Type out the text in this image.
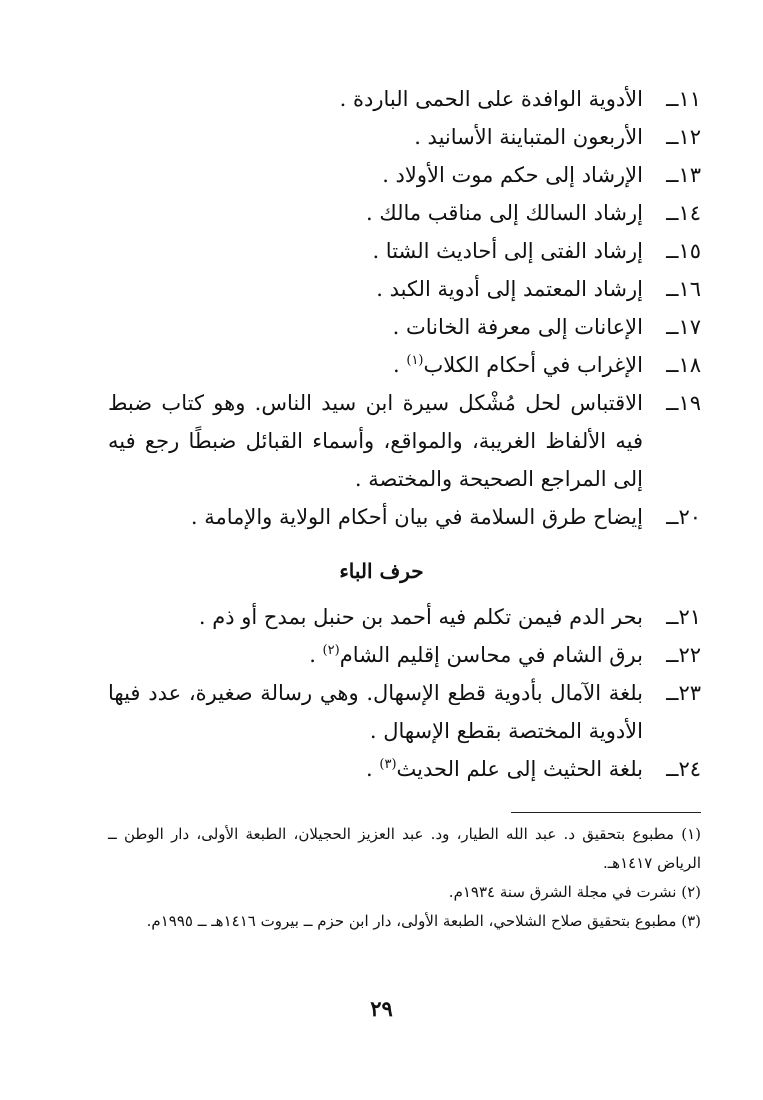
١١ــ
الأدوية الوافدة على الحمى الباردة .
١٢ــ
الأربعون المتباينة الأسانيد .
١٣ــ
الإرشاد إلى حكم موت الأولاد .
١٤ــ
إرشاد السالك إلى مناقب مالك .
١٥ــ
إرشاد الفتى إلى أحاديث الشتا .
١٦ــ
إرشاد المعتمد إلى أدوية الكبد .
١٧ــ
الإعانات إلى معرفة الخانات .
١٨ــ
الإغراب في أحكام الكلاب$^{(١)}$ .
١٩ــ
الاقتباس لحل مُشْكل سيرة ابن سيد الناس. وهو كتاب ضبط فيه الألفاظ الغريبة، والمواقع، وأسماء القبائل ضبطًا رجع فيه إلى المراجع الصحيحة والمختصة .
٢٠ــ
إيضاح طرق السلامة في بيان أحكام الولاية والإمامة .
حرف الباء
٢١ــ
بحر الدم فيمن تكلم فيه أحمد بن حنبل بمدح أو ذم .
٢٢ــ
برق الشام في محاسن إقليم الشام$^{(٢)}$ .
٢٣ــ
بلغة الآمال بأدوية قطع الإسهال. وهي رسالة صغيرة، عدد فيها الأدوية المختصة بقطع الإسهال .
٢٤ــ
بلغة الحثيث إلى علم الحديث$^{(٣)}$ .
(١) مطبوع بتحقيق د. عبد الله الطيار، ود. عبد العزيز الحجيلان، الطبعة الأولى، دار الوطن ــ الرياض ١٤١٧هـ.
(٢) نشرت في مجلة الشرق سنة ١٩٣٤م.
(٣) مطبوع بتحقيق صلاح الشلاحي، الطبعة الأولى، دار ابن حزم ــ بيروت ١٤١٦هـ ــ ١٩٩٥م.
٢٩
